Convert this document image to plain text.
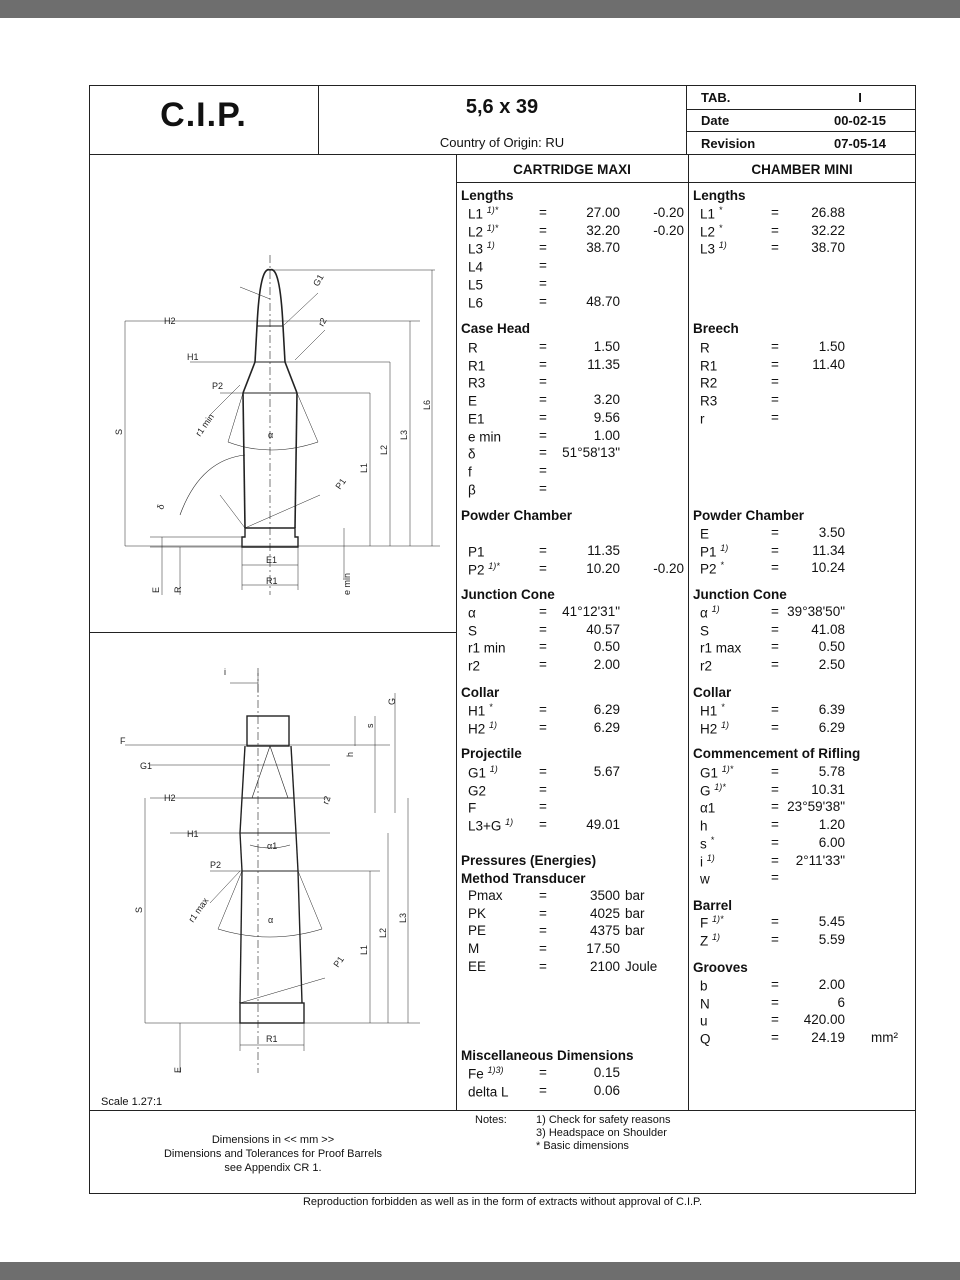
C.I.P.	5,6 x 39
Country of Origin: RU
TAB.	I
Date	00-02-15
Revision	07-05-14
CARTRIDGE MAXI	CHAMBER MINI
Lengths
L1 $^{1)*}$	=	27.00 -0.20
L2 $^{1)*}$	=	32.20 -0.20
L3 $^{1)}$	=	38.70
L4	=
L5	=
L6	=	48.70
Case Head
R	=	1.50
R1	=	11.35
R3	=
E	=	3.20
E1	=	9.56
e min	=	1.00
δ	= 51°58'13"
f	=
β	=
Powder Chamber
P1	=	11.35
P2 $^{1)*}$	=	10.20 -0.20
Junction Cone
α	= 41°12'31"
S	=	40.57
r1 min =	0.50
r2	=	2.00
Collar
H1 *	=	6.29
H2 $^{1)}$	=	6.29
Projectile
G1 $^{1)}$	=	5.67
G2	=
F	=
L3+G $^{1)}$ =	49.01
Pressures (Energies)
Method Transducer
Pmax	=	3500 bar
PK	=	4025 bar
PE	=	4375 bar
M	=	17.50
EE	=	2100 Joule
Miscellaneous Dimensions
Fe $^{1)3)}$	=	0.15
delta L =	0.06
Lengths
L1 *	= 26.88
L2 *	= 32.22
L3 $^{1)}$	= 38.70
Breech
R	=	1.50
R1	= 11.40
R2	=
R3	=
r	=
Powder Chamber
E	=	3.50
P1 $^{1)}$	= 11.34
P2 *	= 10.24
Junction Cone
α $^{1)}$	= 39°38'50"
S	= 41.08
r1 max =	0.50
r2	=	2.50
Collar
H1 *	=	6.39
H2 $^{1)}$	=	6.29
Commencement of Rifling
G1 $^{1)*}$	=	5.78
G $^{1)*}$	= 10.31
α1	= 23°59'38"
h	=	1.20
s *	=	6.00
i $^{1)}$	= 2°11'33"
w	=
Barrel
F $^{1)*}$	=	5.45
Z $^{1)}$	=	5.59
Grooves
b	=	2.00
N	=	6
u	= 420.00
Q	= 24.19 mm²
G1
r2
H2
H1
P2
r1 min	α
S
L1
L2
L3
L6
P1
δ
E1
R1
E R	e min
i
G
s
F
h
G1
H2	r2
H1
α1
P2
r1 max	α
S
L1
L2
L3
P1
R1
E
Scale 1.27:1
Dimensions in << mm >>
Dimensions and Tolerances for Proof Barrels
see Appendix CR 1.
Notes:	1) Check for safety reasons
3) Headspace on Shoulder
* Basic dimensions
Reproduction forbidden as well as in the form of extracts without approval of C.I.P.
